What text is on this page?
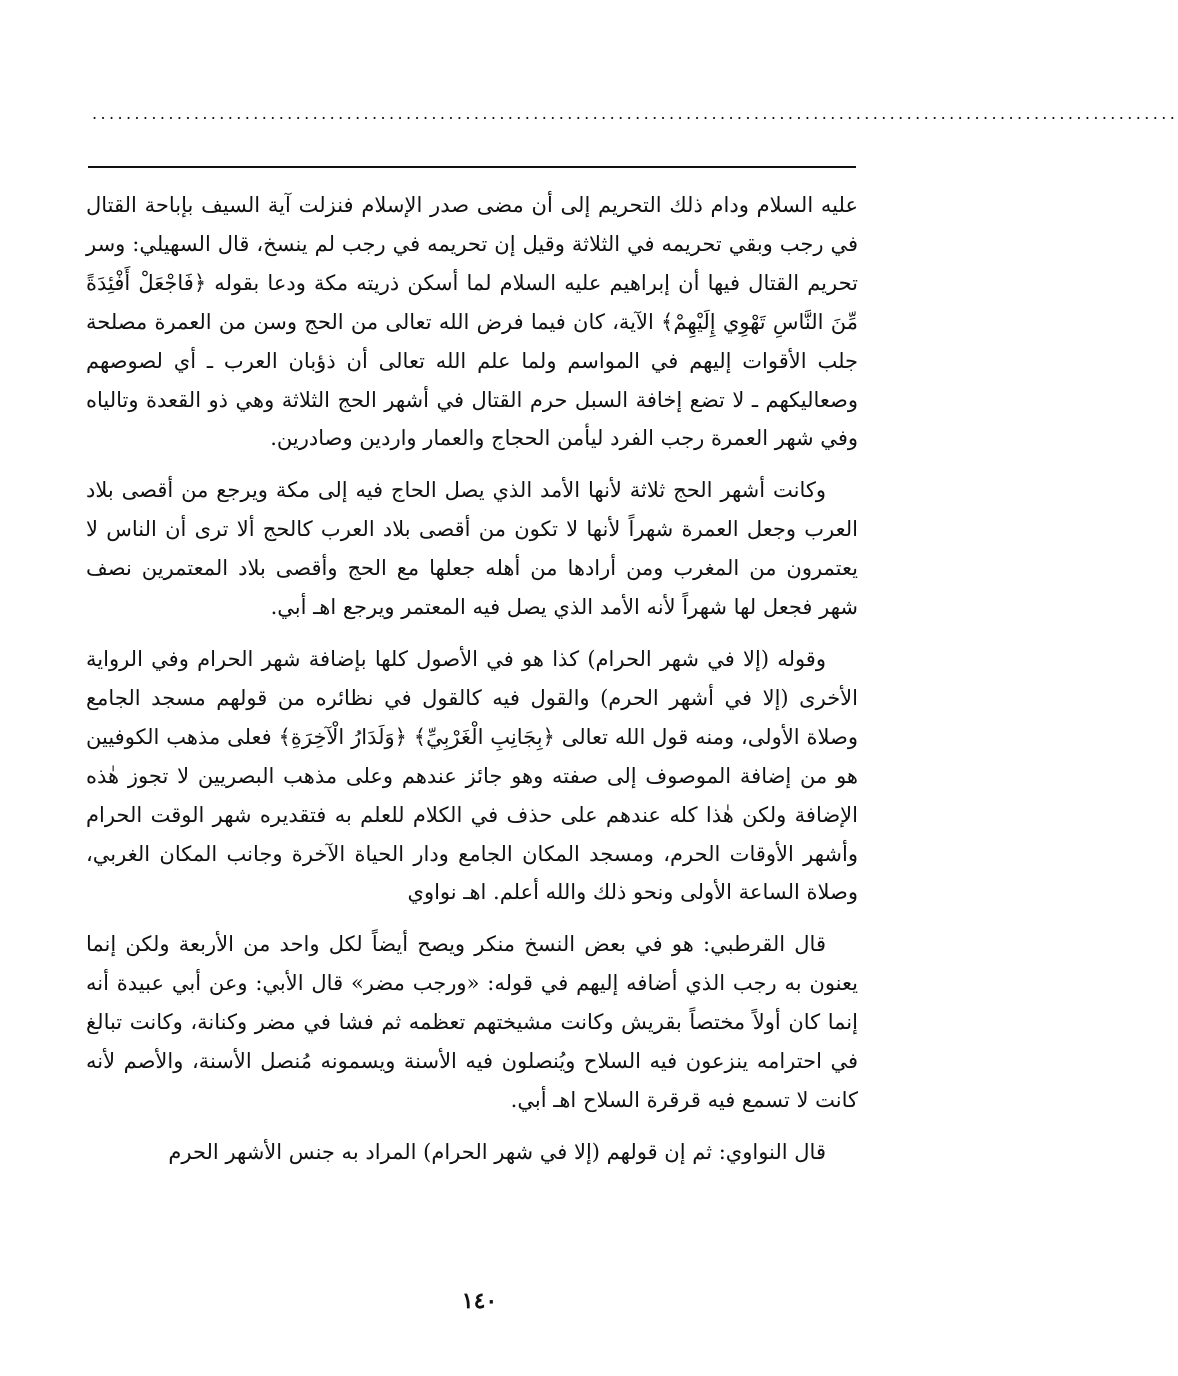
................................................................................................................................

عليه السلام ودام ذلك التحريم إلى أن مضى صدر الإسلام فنزلت آية السيف بإباحة القتال في رجب وبقي تحريمه في الثلاثة وقيل إن تحريمه في رجب لم ينسخ، قال السهيلي: وسر تحريم القتال فيها أن إبراهيم عليه السلام لما أسكن ذريته مكة ودعا بقوله ﴿فَاجْعَلْ أَفْئِدَةً مِّنَ النَّاسِ تَهْوِي إِلَيْهِمْ﴾ الآية، كان فيما فرض الله تعالى من الحج وسن من العمرة مصلحة جلب الأقوات إليهم في المواسم ولما علم الله تعالى أن ذؤبان العرب ـ أي لصوصهم وصعاليكهم ـ لا تضع إخافة السبل حرم القتال في أشهر الحج الثلاثة وهي ذو القعدة وتالياه وفي شهر العمرة رجب الفرد ليأمن الحجاج والعمار واردين وصادرين.

وكانت أشهر الحج ثلاثة لأنها الأمد الذي يصل الحاج فيه إلى مكة ويرجع من أقصى بلاد العرب وجعل العمرة شهراً لأنها لا تكون من أقصى بلاد العرب كالحج ألا ترى أن الناس لا يعتمرون من المغرب ومن أرادها من أهله جعلها مع الحج وأقصى بلاد المعتمرين نصف شهر فجعل لها شهراً لأنه الأمد الذي يصل فيه المعتمر ويرجع اهـ أبي.

وقوله (إلا في شهر الحرام) كذا هو في الأصول كلها بإضافة شهر الحرام وفي الرواية الأخرى (إلا في أشهر الحرم) والقول فيه كالقول في نظائره من قولهم مسجد الجامع وصلاة الأولى، ومنه قول الله تعالى ﴿بِجَانِبِ الْغَرْبِيِّ﴾ ﴿وَلَدَارُ الْآخِرَةِ﴾ فعلى مذهب الكوفيين هو من إضافة الموصوف إلى صفته وهو جائز عندهم وعلى مذهب البصريين لا تجوز هٰذه الإضافة ولكن هٰذا كله عندهم على حذف في الكلام للعلم به فتقديره شهر الوقت الحرام وأشهر الأوقات الحرم، ومسجد المكان الجامع ودار الحياة الآخرة وجانب المكان الغربي، وصلاة الساعة الأولى ونحو ذلك والله أعلم. اهـ نواوي

قال القرطبي: هو في بعض النسخ منكر ويصح أيضاً لكل واحد من الأربعة ولكن إنما يعنون به رجب الذي أضافه إليهم في قوله: «ورجب مضر» قال الأبي: وعن أبي عبيدة أنه إنما كان أولاً مختصاً بقريش وكانت مشيختهم تعظمه ثم فشا في مضر وكنانة، وكانت تبالغ في احترامه ينزعون فيه السلاح ويُنصلون فيه الأسنة ويسمونه مُنصل الأسنة، والأصم لأنه كانت لا تسمع فيه قرقرة السلاح اهـ أبي.

قال النواوي: ثم إن قولهم (إلا في شهر الحرام) المراد به جنس الأشهر الحرم

١٤٠
